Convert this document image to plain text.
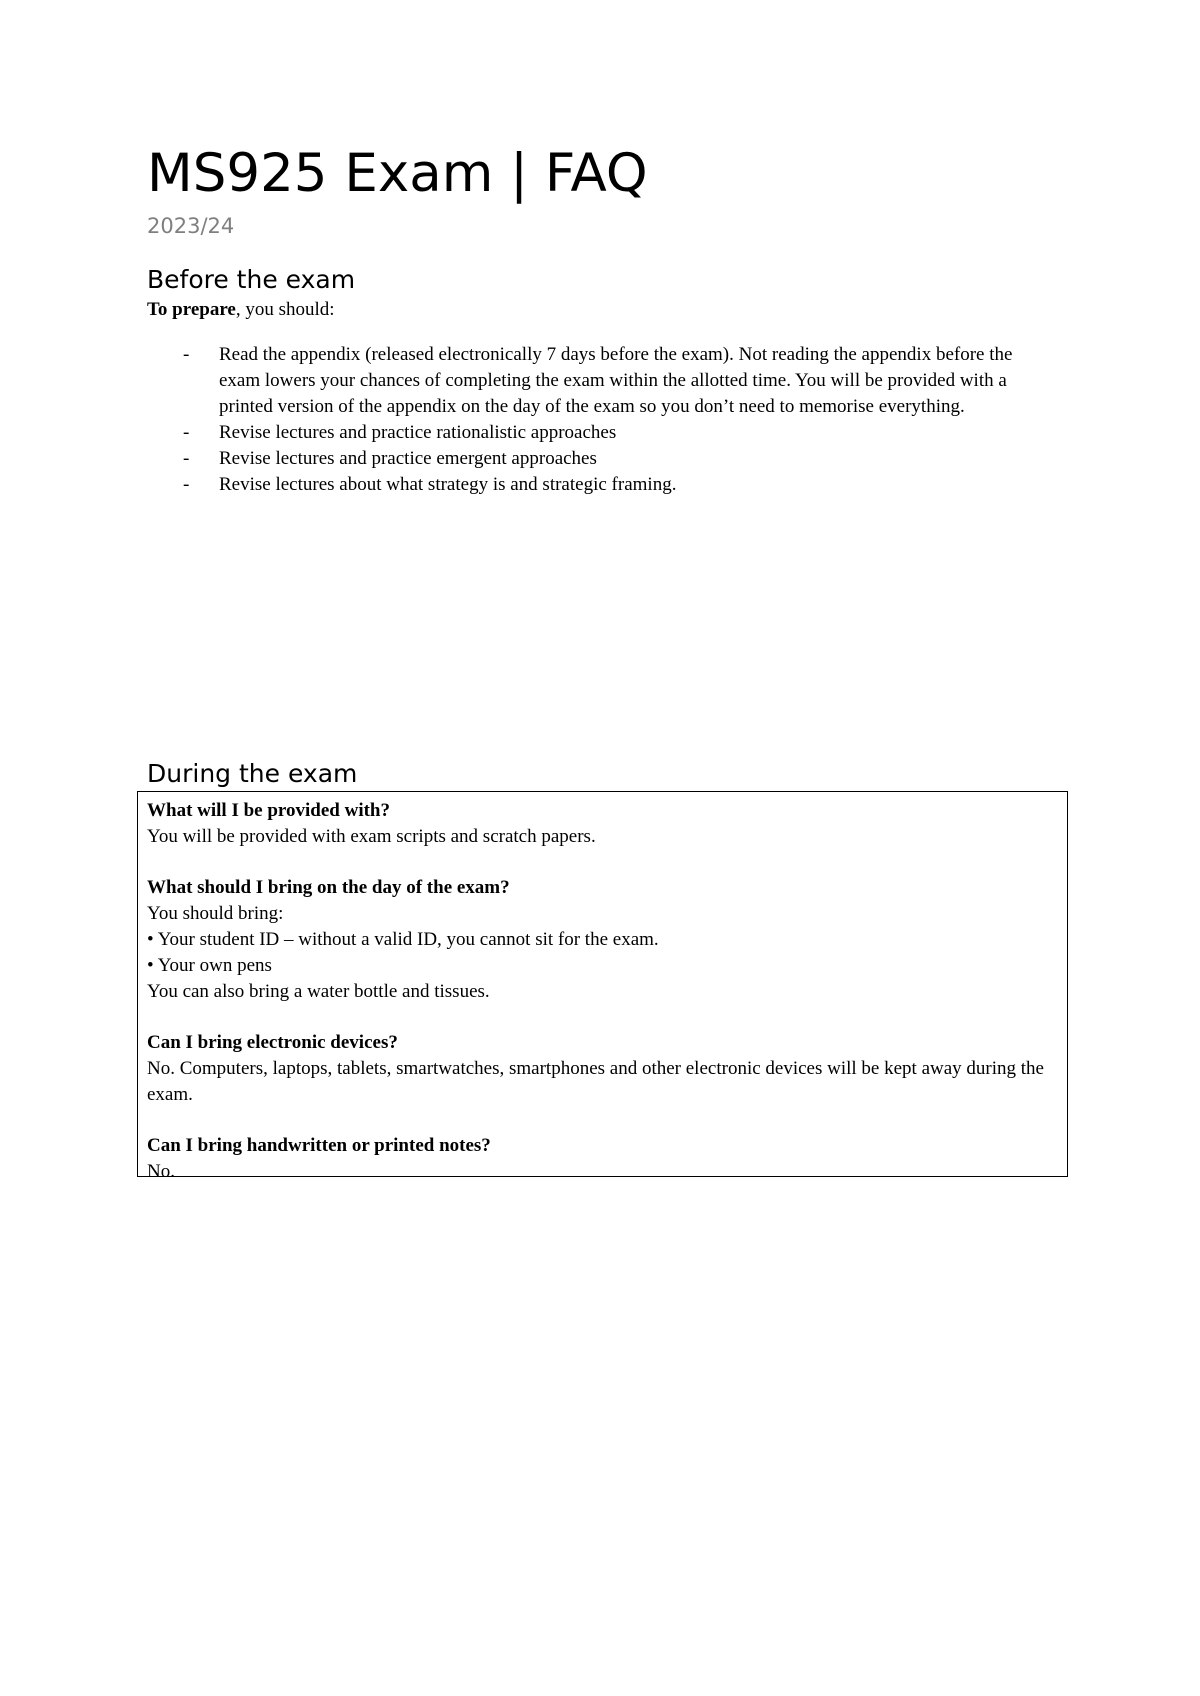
MS925 Exam | FAQ
2023/24
Before the exam
To prepare, you should:
- Read the appendix (released electronically 7 days before the exam). Not reading the appendix before the exam lowers your chances of completing the exam within the allotted time. You will be provided with a printed version of the appendix on the day of the exam so you don’t need to memorise everything.
- Revise lectures and practice rationalistic approaches
- Revise lectures and practice emergent approaches
- Revise lectures about what strategy is and strategic framing.
During the exam
What will I be provided with?
You will be provided with exam scripts and scratch papers.
What should I bring on the day of the exam?
You should bring:
• Your student ID – without a valid ID, you cannot sit for the exam.
• Your own pens
You can also bring a water bottle and tissues.
Can I bring electronic devices?
No. Computers, laptops, tablets, smartwatches, smartphones and other electronic devices will be kept away during the exam.
Can I bring handwritten or printed notes?
No.
